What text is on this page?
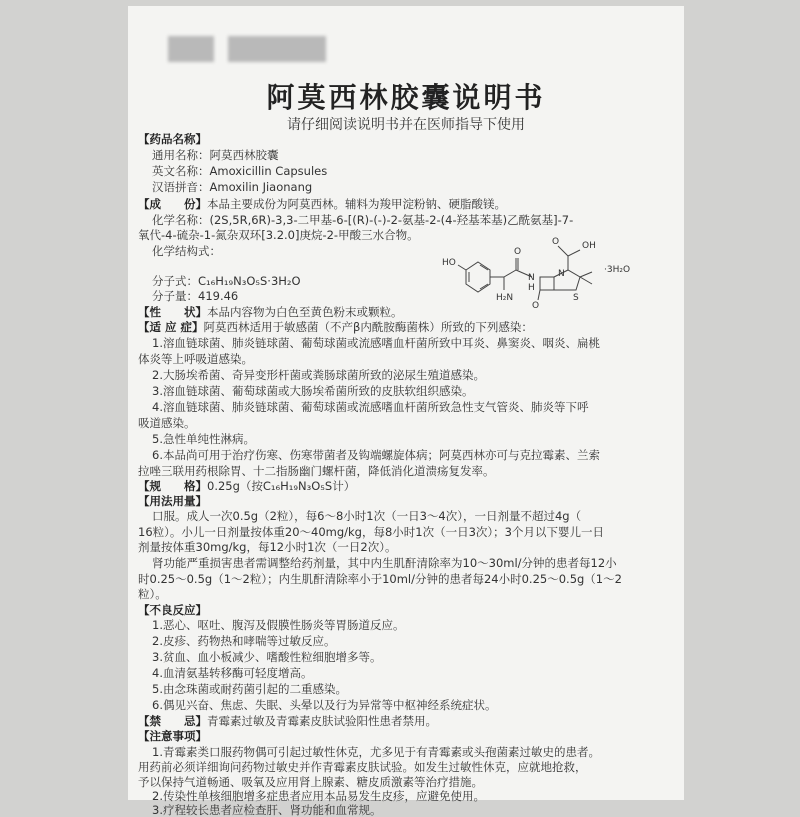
阿莫西林胶囊说明书

请仔细阅读说明书并在医师指导下使用

【药品名称】
通用名称：阿莫西林胶囊
英文名称：Amoxicillin Capsules
汉语拼音：Amoxilin Jiaonang
【成　　份】本品主要成份为阿莫西林。辅料为羧甲淀粉钠、硬脂酸镁。
化学名称：(2S,5R,6R)-3,3-二甲基-6-[(R)-(-)-2-氨基-2-(4-羟基苯基)乙酰氨基]-7-
氧代-4-硫杂-1-氮杂双环[3.2.0]庚烷-2-甲酸三水合物。
化学结构式：	OH
O
S
N	·3H₂O
HO
N
H
H₂N
O
O
分子式：C₁₆H₁₉N₃O₅S·3H₂O
分子量：419.46
【性　　状】本品内容物为白色至黄色粉末或颗粒。
【适 应 症】阿莫西林适用于敏感菌（不产β内酰胺酶菌株）所致的下列感染：
1.溶血链球菌、肺炎链球菌、葡萄球菌或流感嗜血杆菌所致中耳炎、鼻窦炎、咽炎、扁桃
体炎等上呼吸道感染。
2.大肠埃希菌、奇异变形杆菌或粪肠球菌所致的泌尿生殖道感染。
3.溶血链球菌、葡萄球菌或大肠埃希菌所致的皮肤软组织感染。
4.溶血链球菌、肺炎链球菌、葡萄球菌或流感嗜血杆菌所致急性支气管炎、肺炎等下呼
吸道感染。
5.急性单纯性淋病。
6.本品尚可用于治疗伤寒、伤寒带菌者及钩端螺旋体病；阿莫西林亦可与克拉霉素、兰索
拉唑三联用药根除胃、十二指肠幽门螺杆菌，降低消化道溃疡复发率。
【规　　格】0.25g（按C₁₆H₁₉N₃O₅S计）
【用法用量】
口服。成人一次0.5g（2粒），每6～8小时1次（一日3～4次），一日剂量不超过4g（
16粒）。小儿一日剂量按体重20～40mg/kg，每8小时1次（一日3次）；3个月以下婴儿一日
剂量按体重30mg/kg，每12小时1次（一日2次）。
肾功能严重损害患者需调整给药剂量，其中内生肌酐清除率为10～30ml/分钟的患者每12小
时0.25～0.5g（1～2粒）；内生肌酐清除率小于10ml/分钟的患者每24小时0.25～0.5g（1～2
粒）。
【不良反应】
1.恶心、呕吐、腹泻及假膜性肠炎等胃肠道反应。
2.皮疹、药物热和哮喘等过敏反应。
3.贫血、血小板减少、嗜酸性粒细胞增多等。
4.血清氨基转移酶可轻度增高。
5.由念珠菌或耐药菌引起的二重感染。
6.偶见兴奋、焦虑、失眠、头晕以及行为异常等中枢神经系统症状。
【禁　　忌】青霉素过敏及青霉素皮肤试验阳性患者禁用。
【注意事项】
1.青霉素类口服药物偶可引起过敏性休克，尤多见于有青霉素或头孢菌素过敏史的患者。
用药前必须详细询问药物过敏史并作青霉素皮肤试验。如发生过敏性休克，应就地抢救，
予以保持气道畅通、吸氧及应用肾上腺素、糖皮质激素等治疗措施。
2.传染性单核细胞增多症患者应用本品易发生皮疹，应避免使用。
3.疗程较长患者应检查肝、肾功能和血常规。
